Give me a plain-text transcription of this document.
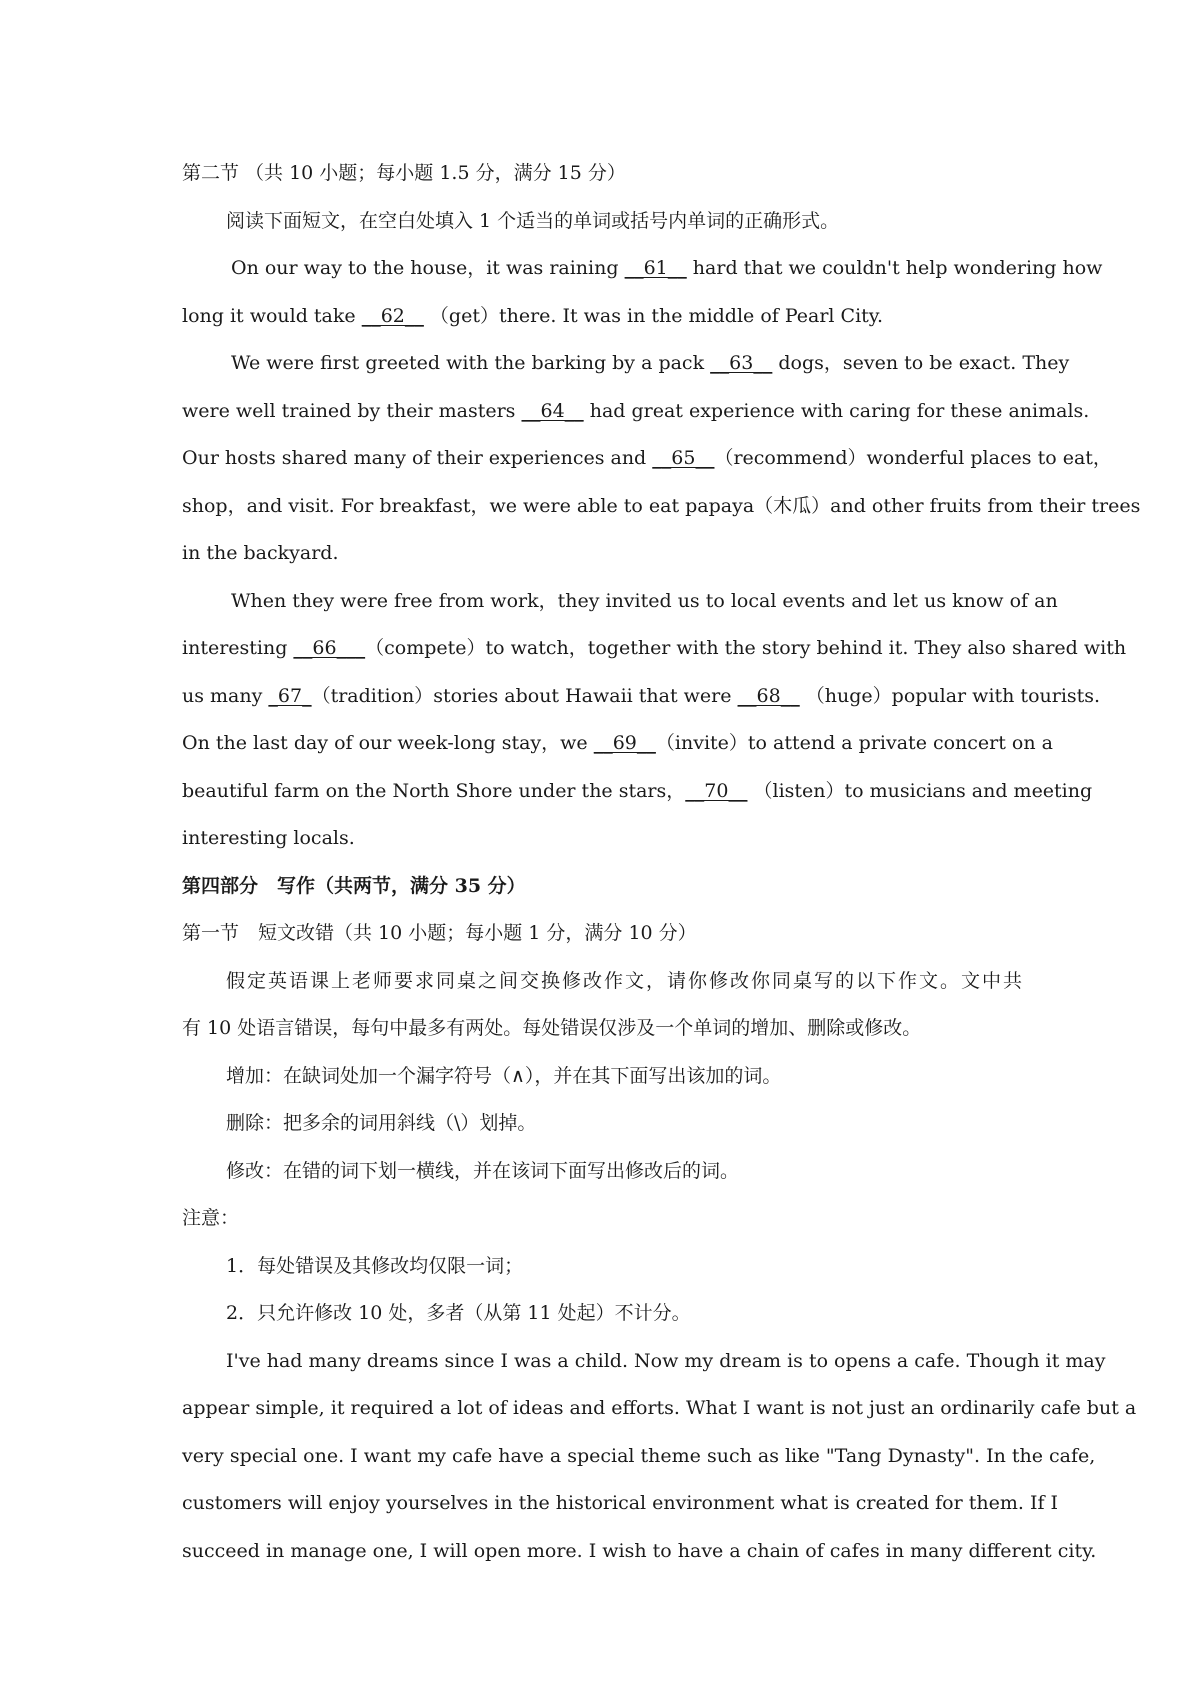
第二节 （共 10 小题；每小题 1.5 分，满分 15 分）
阅读下面短文，在空白处填入 1 个适当的单词或括号内单词的正确形式。
On our way to the house，it was raining __61__ hard that we couldn't help wondering how
long it would take __62__ （get）there. It was in the middle of Pearl City.
We were first greeted with the barking by a pack __63__ dogs，seven to be exact. They
were well trained by their masters __64__ had great experience with caring for these animals.
Our hosts shared many of their experiences and __65__（recommend）wonderful places to eat，
shop，and visit. For breakfast，we were able to eat papaya（木瓜）and other fruits from their trees
in the backyard.
When they were free from work，they invited us to local events and let us know of an
interesting __66___（compete）to watch，together with the story behind it. They also shared with
us many _67_（tradition）stories about Hawaii that were __68__ （huge）popular with tourists.
On the last day of our week-long stay，we __69__（invite）to attend a private concert on a
beautiful farm on the North Shore under the stars，__70__ （listen）to musicians and meeting
interesting locals.
第四部分　写作（共两节，满分 35 分）
第一节　短文改错（共 10 小题；每小题 1 分，满分 10 分）
假定英语课上老师要求同桌之间交换修改作文，请你修改你同桌写的以下作文。文中共
有 10 处语言错误，每句中最多有两处。每处错误仅涉及一个单词的增加、删除或修改。
增加：在缺词处加一个漏字符号（∧），并在其下面写出该加的词。
删除：把多余的词用斜线（\）划掉。
修改：在错的词下划一横线，并在该词下面写出修改后的词。
注意：
1．每处错误及其修改均仅限一词；
2．只允许修改 10 处，多者（从第 11 处起）不计分。
I've had many dreams since I was a child. Now my dream is to opens a cafe. Though it may
appear simple, it required a lot of ideas and efforts. What I want is not just an ordinarily cafe but a
very special one. I want my cafe have a special theme such as like "Tang Dynasty". In the cafe,
customers will enjoy yourselves in the historical environment what is created for them. If I
succeed in manage one, I will open more. I wish to have a chain of cafes in many different city.
